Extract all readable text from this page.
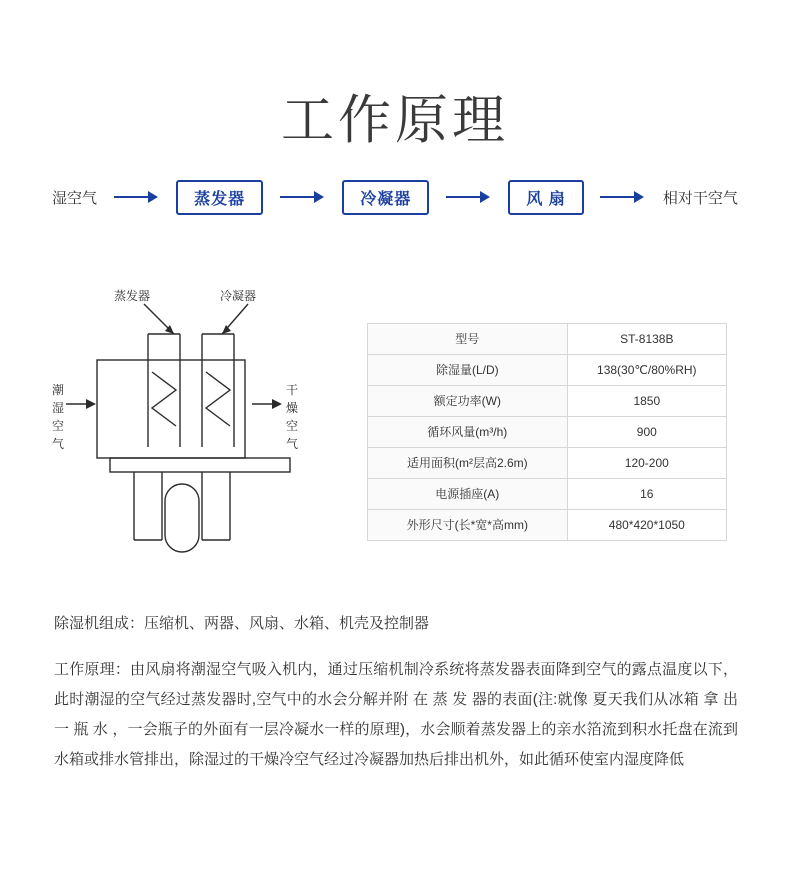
工作原理
湿空气	蒸发器	冷凝器	风 扇	相对干空气
蒸发器	冷凝器
潮
湿
空
气
干
燥
空
气
型号	ST-8138B
除湿量(L/D)	138(30℃/80%RH)
额定功率(W)	1850
循环风量(m³/h)	900
适用面积(m²层高2.6m)	120-200
电源插座(A)	16
外形尺寸(长*宽*高mm)	480*420*1050
除湿机组成：压缩机、两器、风扇、水箱、机壳及控制器
工作原理：由风扇将潮湿空气吸入机内，通过压缩机制冷系统将蒸发器表面降到空气的露点温度以下，此时潮湿的空气经过蒸发器时,空气中的水会分解并附 在 蒸 发 器的表面(注:就像 夏天我们从冰箱 拿 出 一 瓶 水 ，一会瓶子的外面有一层冷凝水一样的原理)，水会顺着蒸发器上的亲水箔流到积水托盘在流到水箱或排水管排出，除湿过的干燥冷空气经过冷凝器加热后排出机外，如此循环使室内湿度降低
